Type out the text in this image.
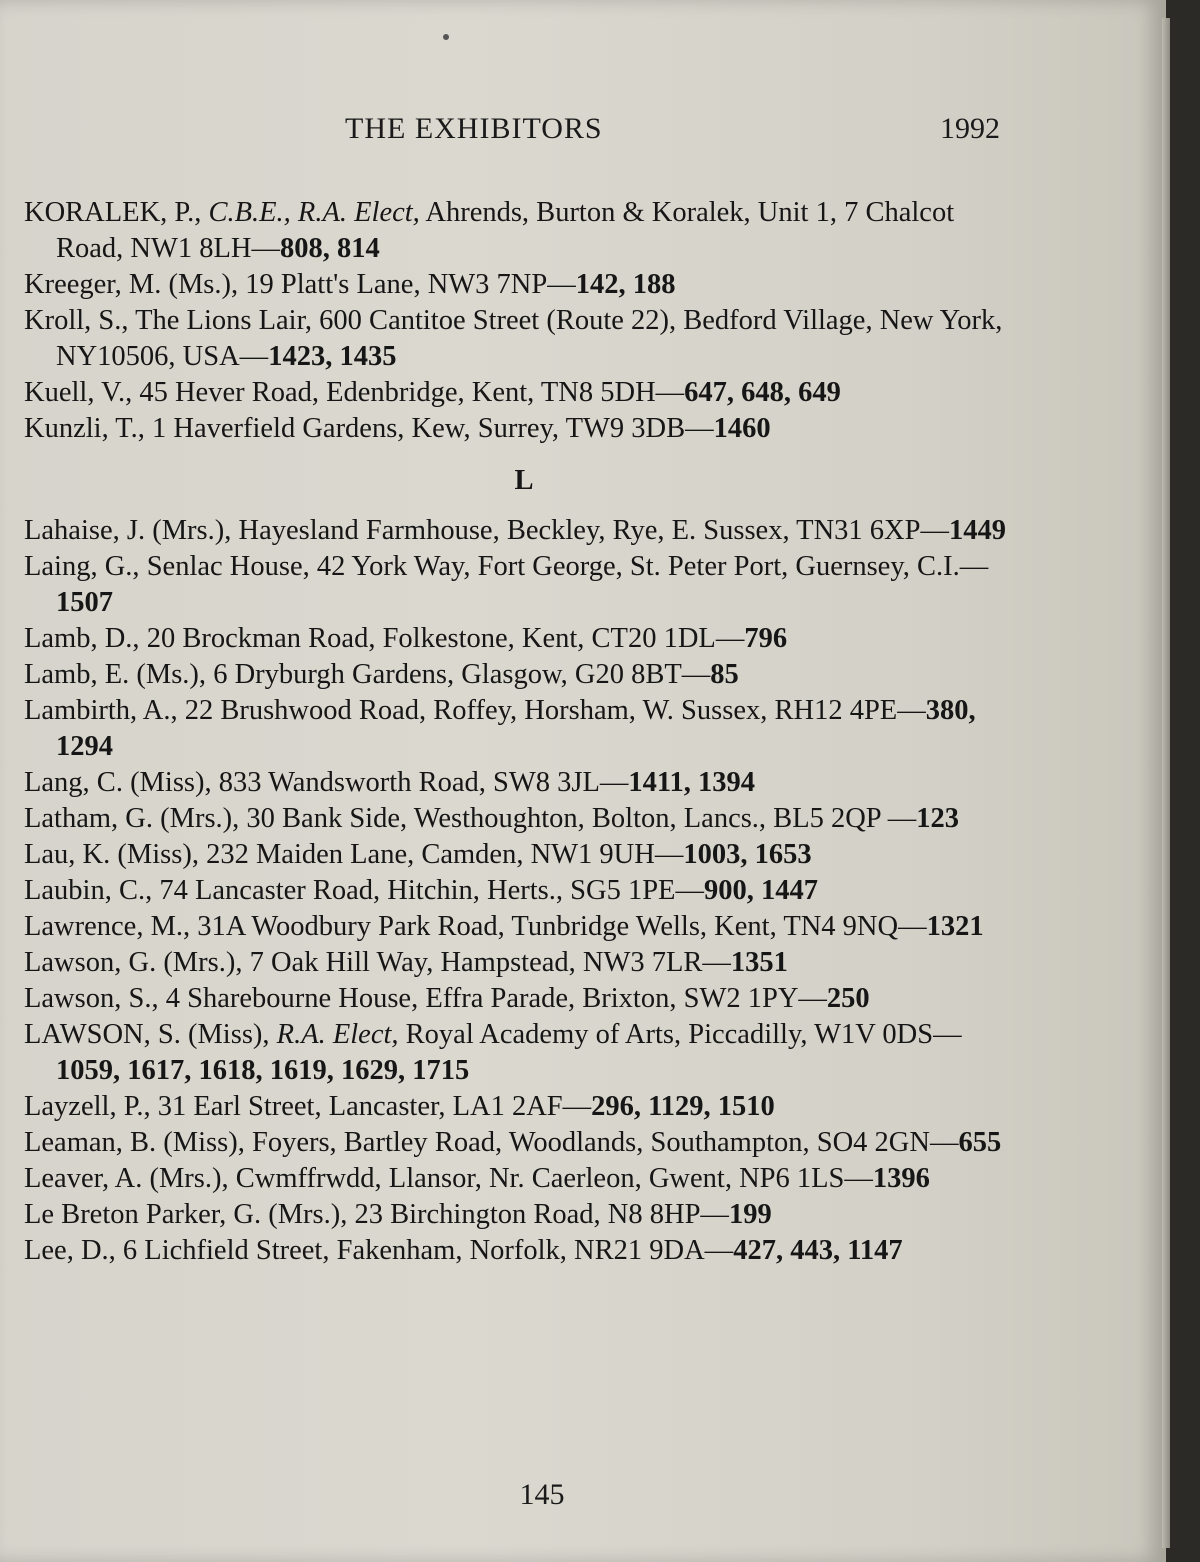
THE EXHIBITORS	1992
KORALEK, P., C.B.E., R.A. Elect, Ahrends, Burton & Koralek, Unit 1, 7 Chalcot Road, NW1 8LH—808, 814
Kreeger, M. (Ms.), 19 Platt's Lane, NW3 7NP—142, 188
Kroll, S., The Lions Lair, 600 Cantitoe Street (Route 22), Bedford Village, New York, NY10506, USA—1423, 1435
Kuell, V., 45 Hever Road, Edenbridge, Kent, TN8 5DH—647, 648, 649
Kunzli, T., 1 Haverfield Gardens, Kew, Surrey, TW9 3DB—1460
L
Lahaise, J. (Mrs.), Hayesland Farmhouse, Beckley, Rye, E. Sussex, TN31 6XP—1449
Laing, G., Senlac House, 42 York Way, Fort George, St. Peter Port, Guernsey, C.I.—1507
Lamb, D., 20 Brockman Road, Folkestone, Kent, CT20 1DL—796
Lamb, E. (Ms.), 6 Dryburgh Gardens, Glasgow, G20 8BT—85
Lambirth, A., 22 Brushwood Road, Roffey, Horsham, W. Sussex, RH12 4PE—380, 1294
Lang, C. (Miss), 833 Wandsworth Road, SW8 3JL—1411, 1394
Latham, G. (Mrs.), 30 Bank Side, Westhoughton, Bolton, Lancs., BL5 2QP —123
Lau, K. (Miss), 232 Maiden Lane, Camden, NW1 9UH—1003, 1653
Laubin, C., 74 Lancaster Road, Hitchin, Herts., SG5 1PE—900, 1447
Lawrence, M., 31A Woodbury Park Road, Tunbridge Wells, Kent, TN4 9NQ—1321
Lawson, G. (Mrs.), 7 Oak Hill Way, Hampstead, NW3 7LR—1351
Lawson, S., 4 Sharebourne House, Effra Parade, Brixton, SW2 1PY—250
LAWSON, S. (Miss), R.A. Elect, Royal Academy of Arts, Piccadilly, W1V 0DS—1059, 1617, 1618, 1619, 1629, 1715
Layzell, P., 31 Earl Street, Lancaster, LA1 2AF—296, 1129, 1510
Leaman, B. (Miss), Foyers, Bartley Road, Woodlands, Southampton, SO4 2GN—655
Leaver, A. (Mrs.), Cwmffrwdd, Llansor, Nr. Caerleon, Gwent, NP6 1LS—1396
Le Breton Parker, G. (Mrs.), 23 Birchington Road, N8 8HP—199
Lee, D., 6 Lichfield Street, Fakenham, Norfolk, NR21 9DA—427, 443, 1147
145
